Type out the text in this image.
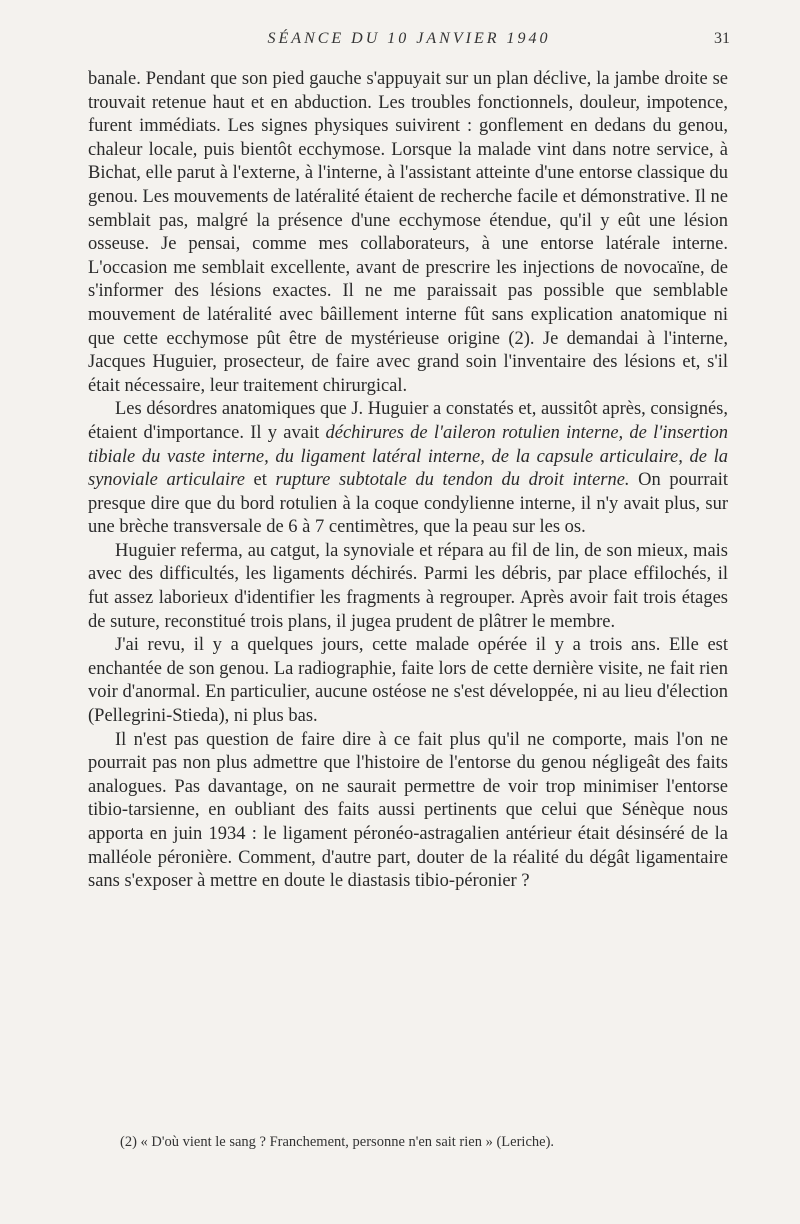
SÉANCE DU 10 JANVIER 1940	31

banale. Pendant que son pied gauche s'appuyait sur un plan déclive, la jambe droite se trouvait retenue haut et en abduction. Les troubles fonctionnels, douleur, impotence, furent immédiats. Les signes physiques suivirent : gonflement en dedans du genou, chaleur locale, puis bientôt ecchymose. Lorsque la malade vint dans notre service, à Bichat, elle parut à l'externe, à l'interne, à l'assistant atteinte d'une entorse classique du genou. Les mouvements de latéralité étaient de recherche facile et démonstrative. Il ne semblait pas, malgré la présence d'une ecchymose étendue, qu'il y eût une lésion osseuse. Je pensai, comme mes collaborateurs, à une entorse latérale interne. L'occasion me semblait excellente, avant de prescrire les injections de novocaïne, de s'informer des lésions exactes. Il ne me paraissait pas possible que semblable mouvement de latéralité avec bâillement interne fût sans explication anatomique ni que cette ecchymose pût être de mystérieuse origine (2). Je demandai à l'interne, Jacques Huguier, prosecteur, de faire avec grand soin l'inventaire des lésions et, s'il était nécessaire, leur traitement chirurgical.

Les désordres anatomiques que J. Huguier a constatés et, aussitôt après, consignés, étaient d'importance. Il y avait déchirures de l'aileron rotulien interne, de l'insertion tibiale du vaste interne, du ligament latéral interne, de la capsule articulaire, de la synoviale articulaire et rupture subtotale du tendon du droit interne. On pourrait presque dire que du bord rotulien à la coque condylienne interne, il n'y avait plus, sur une brèche transversale de 6 à 7 centimètres, que la peau sur les os.

Huguier referma, au catgut, la synoviale et répara au fil de lin, de son mieux, mais avec des difficultés, les ligaments déchirés. Parmi les débris, par place effilochés, il fut assez laborieux d'identifier les fragments à regrouper. Après avoir fait trois étages de suture, reconstitué trois plans, il jugea prudent de plâtrer le membre.

J'ai revu, il y a quelques jours, cette malade opérée il y a trois ans. Elle est enchantée de son genou. La radiographie, faite lors de cette dernière visite, ne fait rien voir d'anormal. En particulier, aucune ostéose ne s'est développée, ni au lieu d'élection (Pellegrini-Stieda), ni plus bas.

Il n'est pas question de faire dire à ce fait plus qu'il ne comporte, mais l'on ne pourrait pas non plus admettre que l'histoire de l'entorse du genou négligeât des faits analogues. Pas davantage, on ne saurait permettre de voir trop minimiser l'entorse tibio-tarsienne, en oubliant des faits aussi pertinents que celui que Sénèque nous apporta en juin 1934 : le ligament péronéo-astragalien antérieur était désinséré de la malléole péronière. Comment, d'autre part, douter de la réalité du dégât ligamentaire sans s'exposer à mettre en doute le diastasis tibio-péronier ?

(2) « D'où vient le sang ? Franchement, personne n'en sait rien » (Leriche).
